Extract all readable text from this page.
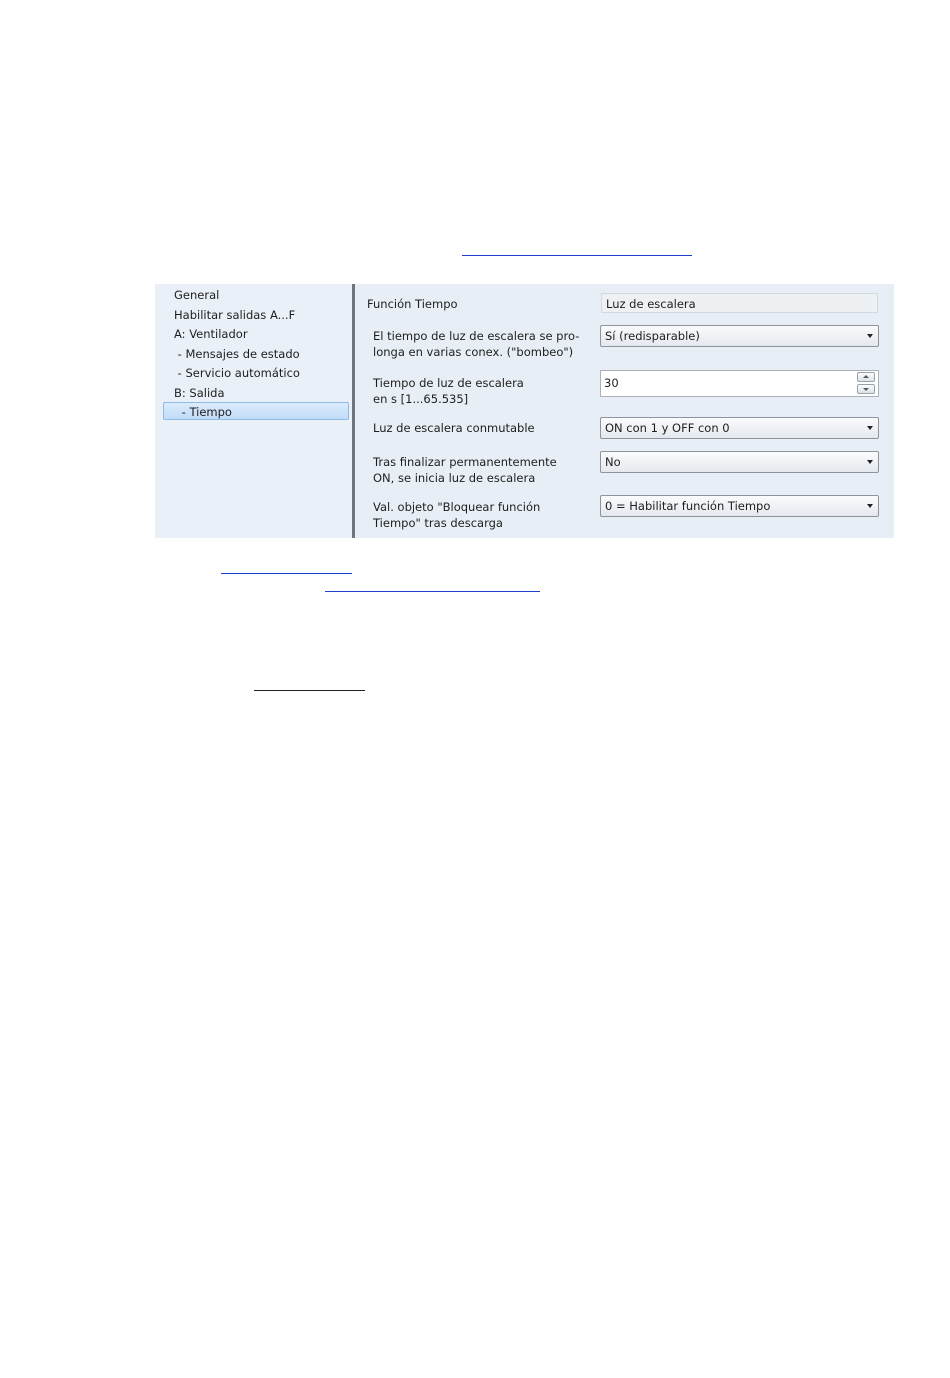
General
Habilitar salidas A...F
A: Ventilador
- Mensajes de estado
- Servicio automático
B: Salida
- Tiempo
Función Tiempo	Luz de escalera
El tiempo de luz de escalera se pro-
longa en varias conex. ("bombeo")
Sí (redisparable)
Tiempo de luz de escalera
en s [1...65.535]
30
Luz de escalera conmutable	ON con 1 y OFF con 0
Tras finalizar permanentemente
ON, se inicia luz de escalera
No
Val. objeto "Bloquear función
Tiempo" tras descarga
0 = Habilitar función Tiempo
